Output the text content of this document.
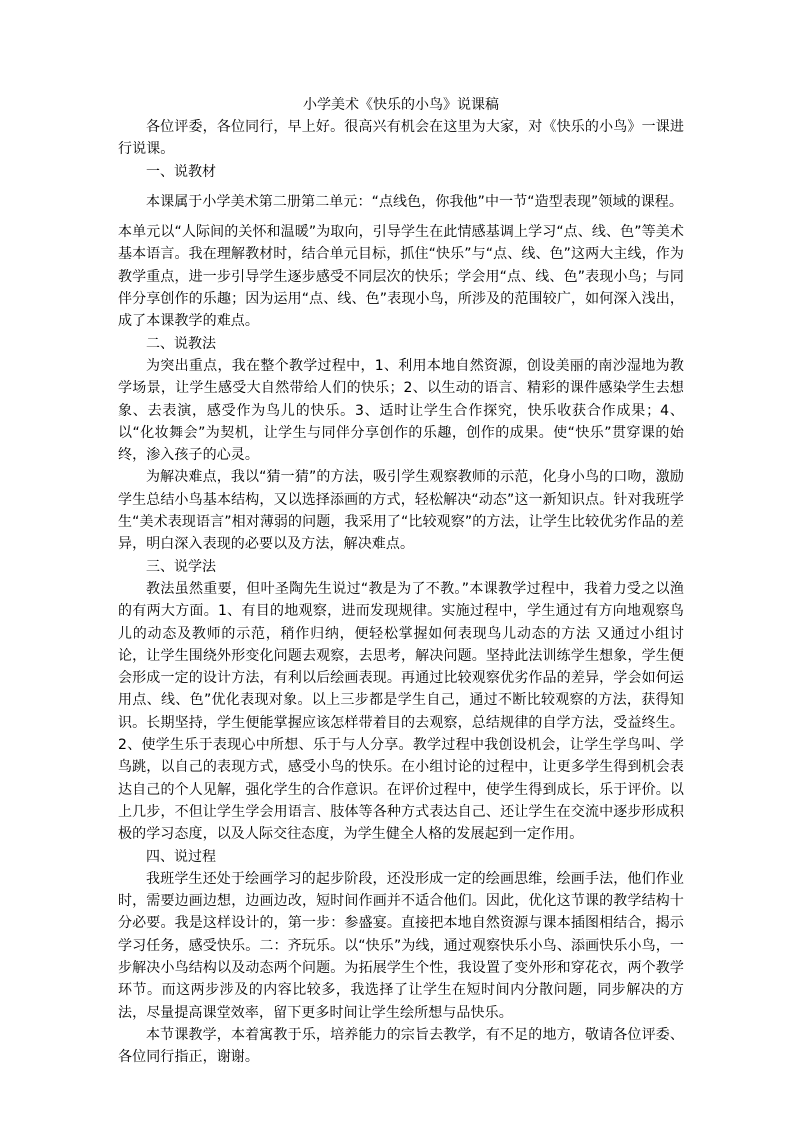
小学美术《快乐的小鸟》说课稿

各位评委，各位同行，早上好。很高兴有机会在这里为大家，对《快乐的小鸟》一课进行说课。

一、说教材

本课属于小学美术第二册第二单元：“点线色，你我他”中一节“造型表现”领域的课程。

本单元以“人际间的关怀和温暖”为取向，引导学生在此情感基调上学习“点、线、色”等美术基本语言。我在理解教材时，结合单元目标，抓住“快乐”与“点、线、色”这两大主线，作为教学重点，进一步引导学生逐步感受不同层次的快乐；学会用“点、线、色”表现小鸟；与同伴分享创作的乐趣；因为运用“点、线、色”表现小鸟，所涉及的范围较广，如何深入浅出，成了本课教学的难点。

二、说教法

为突出重点，我在整个教学过程中，1、利用本地自然资源，创设美丽的南沙湿地为教学场景，让学生感受大自然带给人们的快乐；2、以生动的语言、精彩的课件感染学生去想象、去表演，感受作为鸟儿的快乐。3、适时让学生合作探究，快乐收获合作成果；4、以“化妆舞会”为契机，让学生与同伴分享创作的乐趣，创作的成果。使“快乐”贯穿课的始终，渗入孩子的心灵。

为解决难点，我以“猜一猜”的方法，吸引学生观察教师的示范，化身小鸟的口吻，激励学生总结小鸟基本结构，又以选择添画的方式，轻松解决“动态”这一新知识点。针对我班学生“美术表现语言”相对薄弱的问题，我采用了“比较观察”的方法，让学生比较优劣作品的差异，明白深入表现的必要以及方法，解决难点。

三、说学法

教法虽然重要，但叶圣陶先生说过“教是为了不教。”本课教学过程中，我着力受之以渔的有两大方面。1、有目的地观察，进而发现规律。实施过程中，学生通过有方向地观察鸟儿的动态及教师的示范，稍作归纳，便轻松掌握如何表现鸟儿动态的方法 又通过小组讨论，让学生围绕外形变化问题去观察，去思考，解决问题。坚持此法训练学生想象，学生便会形成一定的设计方法，有利以后绘画表现。再通过比较观察优劣作品的差异，学会如何运用点、线、色”优化表现对象。以上三步都是学生自己，通过不断比较观察的方法，获得知识。长期坚持，学生便能掌握应该怎样带着目的去观察，总结规律的自学方法，受益终生。 2、使学生乐于表现心中所想、乐于与人分享。教学过程中我创设机会，让学生学鸟叫、学鸟跳，以自己的表现方式，感受小鸟的快乐。在小组讨论的过程中，让更多学生得到机会表达自己的个人见解，强化学生的合作意识。在评价过程中，使学生得到成长，乐于评价。以上几步，不但让学生学会用语言、肢体等各种方式表达自己、还让学生在交流中逐步形成积极的学习态度，以及人际交往态度，为学生健全人格的发展起到一定作用。

四、说过程

我班学生还处于绘画学习的起步阶段，还没形成一定的绘画思维，绘画手法，他们作业时，需要边画边想，边画边改，短时间作画并不适合他们。因此，优化这节课的教学结构十分必要。我是这样设计的，第一步：参盛宴。直接把本地自然资源与课本插图相结合，揭示学习任务，感受快乐。二：齐玩乐。以“快乐”为线，通过观察快乐小鸟、添画快乐小鸟，一步解决小鸟结构以及动态两个问题。为拓展学生个性，我设置了变外形和穿花衣，两个教学环节。而这两步涉及的内容比较多，我选择了让学生在短时间内分散问题，同步解决的方法，尽量提高课堂效率，留下更多时间让学生绘所想与品快乐。

本节课教学，本着寓教于乐，培养能力的宗旨去教学，有不足的地方，敬请各位评委、各位同行指正，谢谢。
